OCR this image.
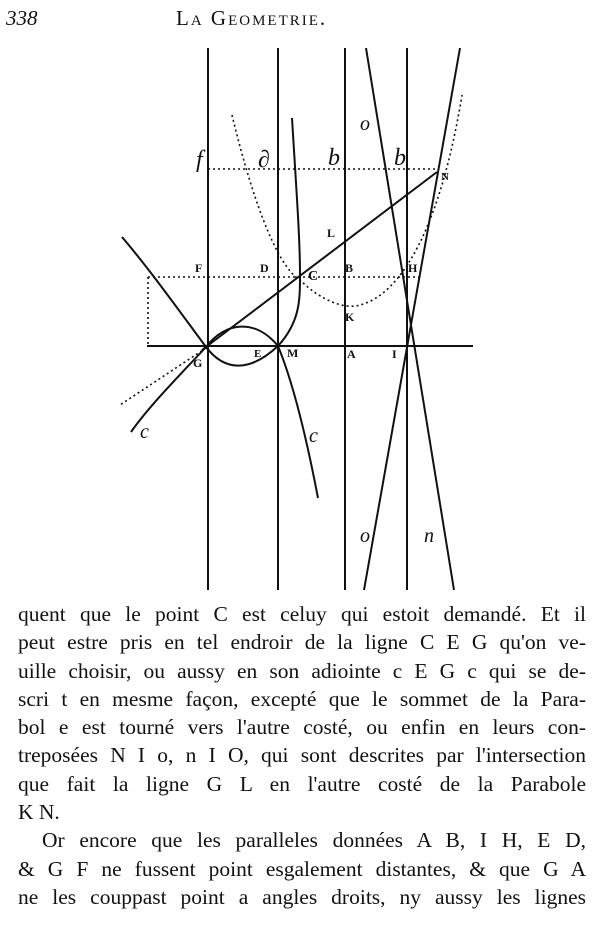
338	La Geometrie.
f ∂ b b
N
o
L
F	D
C
B	H
K
G
E M	A	I
c	c
o	n
quent que le point C est celuy qui estoit demandé. Et il
peut estre pris en tel endroir de la ligne C E G qu'on ve-
uille choisir, ou aussy en son adiointe c E G c qui se de-
scri t en mesme façon, excepté que le sommet de la Para-
bol e est tourné vers l'autre costé, ou enfin en leurs con-
treposées N I o, n I O, qui sont descrites par l'intersection
que fait la ligne G L en l'autre costé de la Parabole
K N.
Or encore que les paralleles données A B, I H, E D,
& G F ne fussent point esgalement distantes, & que G A
ne les couppast point a angles droits, ny aussy les lignes
